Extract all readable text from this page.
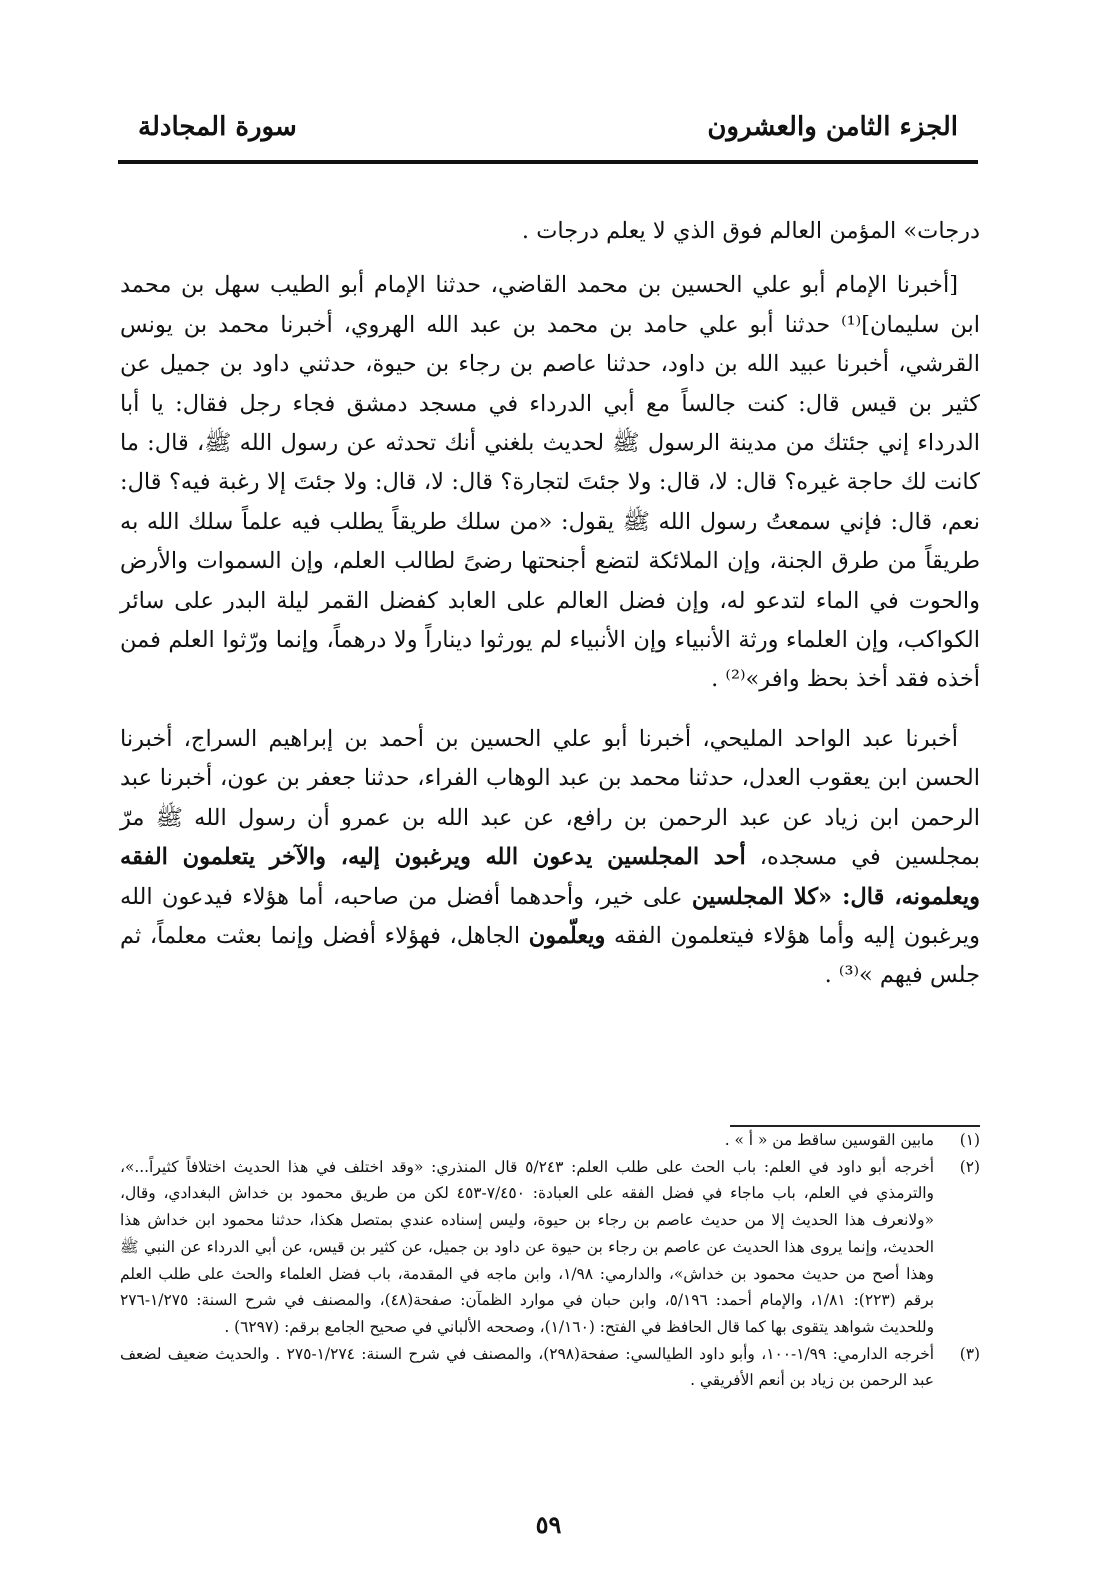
الجزء الثامن والعشرون
سورة المجادلة

درجات» المؤمن العالم فوق الذي لا يعلم درجات .

[أخبرنا الإمام أبو علي الحسين بن محمد القاضي، حدثنا الإمام أبو الطيب سهل بن محمد ابن سليمان]⁽¹⁾ حدثنا أبو علي حامد بن محمد بن عبد الله الهروي، أخبرنا محمد بن يونس القرشي، أخبرنا عبيد الله بن داود، حدثنا عاصم بن رجاء بن حيوة، حدثني داود بن جميل عن كثير بن قيس قال: كنت جالساً مع أبي الدرداء في مسجد دمشق فجاء رجل فقال: يا أبا الدرداء إني جئتك من مدينة الرسول ﷺ لحديث بلغني أنك تحدثه عن رسول الله ﷺ، قال: ما كانت لك حاجة غيره؟ قال: لا، قال: ولا جئتَ لتجارة؟ قال: لا، قال: ولا جئتَ إلا رغبة فيه؟ قال: نعم، قال: فإني سمعتُ رسول الله ﷺ يقول: «من سلك طريقاً يطلب فيه علماً سلك الله به طريقاً من طرق الجنة، وإن الملائكة لتضع أجنحتها رضىً لطالب العلم، وإن السموات والأرض والحوت في الماء لتدعو له، وإن فضل العالم على العابد كفضل القمر ليلة البدر على سائر الكواكب، وإن العلماء ورثة الأنبياء وإن الأنبياء لم يورثوا ديناراً ولا درهماً، وإنما ورّثوا العلم فمن أخذه فقد أخذ بحظ وافر»⁽²⁾ .

أخبرنا عبد الواحد المليحي، أخبرنا أبو علي الحسين بن أحمد بن إبراهيم السراج، أخبرنا الحسن ابن يعقوب العدل، حدثنا محمد بن عبد الوهاب الفراء، حدثنا جعفر بن عون، أخبرنا عبد الرحمن ابن زياد عن عبد الرحمن بن رافع، عن عبد الله بن عمرو أن رسول الله ﷺ مرّ بمجلسين في مسجده، أحد المجلسين يدعون الله ويرغبون إليه، والآخر يتعلمون الفقه ويعلمونه، قال: «كلا المجلسين على خير، وأحدهما أفضل من صاحبه، أما هؤلاء فيدعون الله ويرغبون إليه وأما هؤلاء فيتعلمون الفقه ويعلّمون الجاهل، فهؤلاء أفضل وإنما بعثت معلماً، ثم جلس فيهم »⁽³⁾ .

(١)
مابين القوسين ساقط من « أ » .
(٢)
أخرجه أبو داود في العلم: باب الحث على طلب العلم: ٥/٢٤٣ قال المنذري: «وقد اختلف في هذا الحديث اختلافاً كثيراً...»، والترمذي في العلم، باب ماجاء في فضل الفقه على العبادة: ٧/٤٥٠-٤٥٣ لكن من طريق محمود بن خداش البغدادي، وقال، «ولانعرف هذا الحديث إلا من حديث عاصم بن رجاء بن حيوة، وليس إسناده عندي بمتصل هكذا، حدثنا محمود ابن خداش هذا الحديث، وإنما يروى هذا الحديث عن عاصم بن رجاء بن حيوة عن داود بن جميل، عن كثير بن قيس، عن أبي الدرداء عن النبي ﷺ وهذا أصح من حديث محمود بن خداش»، والدارمي: ١/٩٨، وابن ماجه في المقدمة، باب فضل العلماء والحث على طلب العلم برقم (٢٢٣): ١/٨١، والإمام أحمد: ٥/١٩٦، وابن حبان في موارد الظمآن: صفحة(٤٨)، والمصنف في شرح السنة: ١/٢٧٥-٢٧٦ وللحديث شواهد يتقوى بها كما قال الحافظ في الفتح: (١/١٦٠)، وصححه الألباني في صحيح الجامع برقم: (٦٢٩٧) .
(٣)
أخرجه الدارمي: ١/٩٩-١٠٠، وأبو داود الطيالسي: صفحة(٢٩٨)، والمصنف في شرح السنة: ١/٢٧٤-٢٧٥ . والحديث ضعيف لضعف عبد الرحمن بن زياد بن أنعم الأفريقي .
٥٩
